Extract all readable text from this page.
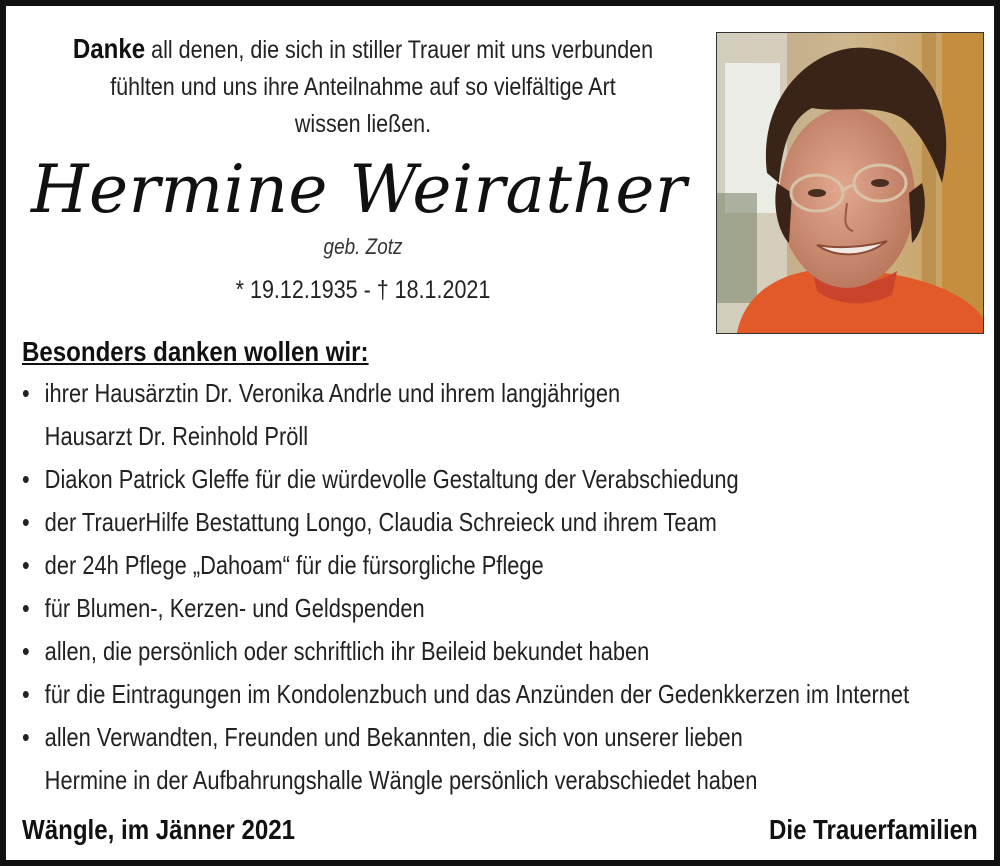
Danke all denen, die sich in stiller Trauer mit uns verbunden
fühlten und uns ihre Anteilnahme auf so vielfältige Art
wissen ließen.
Hermine Weirather
geb. Zotz
* 19.12.1935 - † 18.1.2021
Besonders danken wollen wir:
• ihrer Hausärztin Dr. Veronika Andrle und ihrem langjährigen
Hausarzt Dr. Reinhold Pröll
• Diakon Patrick Gleffe für die würdevolle Gestaltung der Verabschiedung
• der TrauerHilfe Bestattung Longo, Claudia Schreieck und ihrem Team
• der 24h Pflege „Dahoam“ für die fürsorgliche Pflege
• für Blumen-, Kerzen- und Geldspenden
• allen, die persönlich oder schriftlich ihr Beileid bekundet haben
• für die Eintragungen im Kondolenzbuch und das Anzünden der Gedenkkerzen im Internet
• allen Verwandten, Freunden und Bekannten, die sich von unserer lieben
Hermine in der Aufbahrungshalle Wängle persönlich verabschiedet haben
Wängle, im Jänner 2021	Die Trauerfamilien
